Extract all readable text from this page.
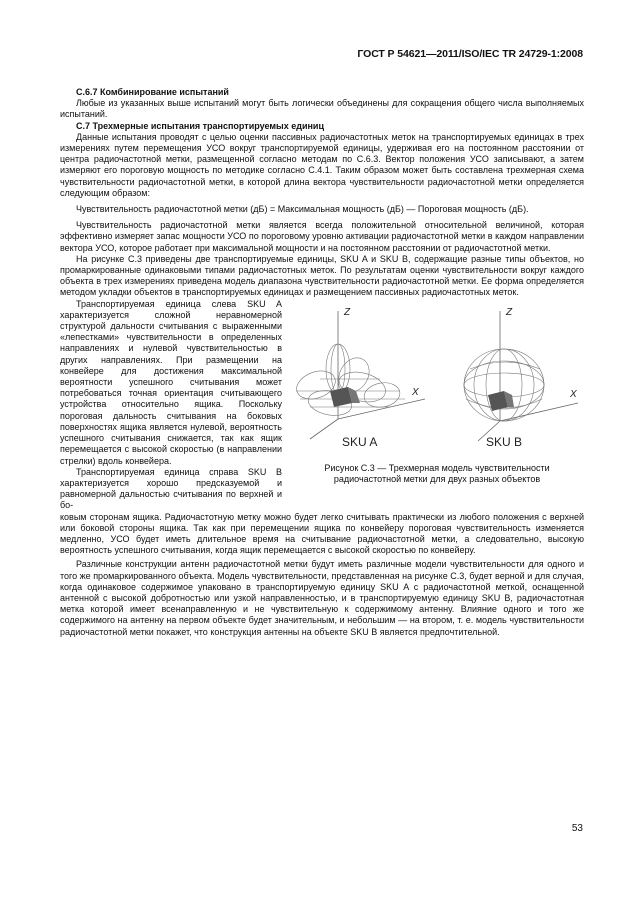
ГОСТ Р 54621—2011/ISO/IEC TR 24729-1:2008
С.6.7 Комбинирование испытаний

Любые из указанных выше испытаний могут быть логически объединены для сокращения общего числа выполняемых испытаний.

С.7 Трехмерные испытания транспортируемых единиц

Данные испытания проводят с целью оценки пассивных радиочастотных меток на транспортируемых единицах в трех измерениях путем перемещения УСО вокруг транспортируемой единицы, удерживая его на постоянном расстоянии от центра радиочастотной метки, размещенной согласно методам по С.6.3. Вектор положения УСО записывают, а затем измеряют его пороговую мощность по методике согласно С.4.1. Таким образом может быть составлена трехмерная схема чувствительности радиочастотной метки, в которой длина вектора чувствительности радиочастотной метки определяется следующим образом:

Чувствительность радиочастотной метки (дБ) = Максимальная мощность (дБ) — Пороговая мощность (дБ).

Чувствительность радиочастотной метки является всегда положительной относительной величиной, которая эффективно измеряет запас мощности УСО по пороговому уровню активации радиочастотной метки в каждом направлении вектора УСО, которое работает при максимальной мощности и на постоянном расстоянии от радиочастотной метки.

На рисунке С.3 приведены две транспортируемые единицы, SKU A и SKU B, содержащие разные типы объектов, но промаркированные одинаковыми типами радиочастотных меток. По результатам оценки чувствительности вокруг каждого объекта в трех измерениях приведена модель диапазона чувствительности радиочастотной метки. Ее форма определяется методом укладки объектов в транспортируемых единицах и размещением пассивных радиочастотных меток.

Транспортируемая единица слева SKU A характеризуется сложной неравномерной структурой дальности считывания с выраженными «лепестками» чувствительности в определенных направлениях и нулевой чувствительностью в других направлениях. При размещении на конвейере для достижения максимальной вероятности успешного считывания может потребоваться точная ориентация считывающего устройства относительно ящика. Поскольку пороговая дальность считывания на боковых поверхностях ящика является нулевой, вероятность успешного считывания снижается, так как ящик перемещается с высокой скоростью (в направлении стрелки) вдоль конвейера.

Транспортируемая единица справа SKU B характеризуется хорошо предсказуемой и равномерной дальностью считывания по верхней и бо-

Z
X
SKU A
Z
X
SKU B
Рисунок С.3 — Трехмерная модель чувствительности радиочастотной метки для двух разных объектов

ковым сторонам ящика. Радиочастотную метку можно будет легко считывать практически из любого положения с верхней или боковой стороны ящика. Так как при перемещении ящика по конвейеру пороговая чувствительность изменяется медленно, УСО будет иметь длительное время на считывание радиочастотной метки, а следовательно, высокую вероятность успешного считывания, когда ящик перемещается с высокой скоростью по конвейеру.

Различные конструкции антенн радиочастотной метки будут иметь различные модели чувствительности для одного и того же промаркированного объекта. Модель чувствительности, представленная на рисунке С.3, будет верной и для случая, когда одинаковое содержимое упаковано в транспортируемую единицу SKU A с радиочастотной меткой, оснащенной антенной с высокой добротностью или узкой направленностью, и в транспортируемую единицу SKU B, радиочастотная метка которой имеет всенаправленную и не чувствительную к содержимому антенну. Влияние одного и того же содержимого на антенну на первом объекте будет значительным, и небольшим — на втором, т. е. модель чувствительности радиочастотной метки покажет, что конструкция антенны на объекте SKU B является предпочтительной.

53
